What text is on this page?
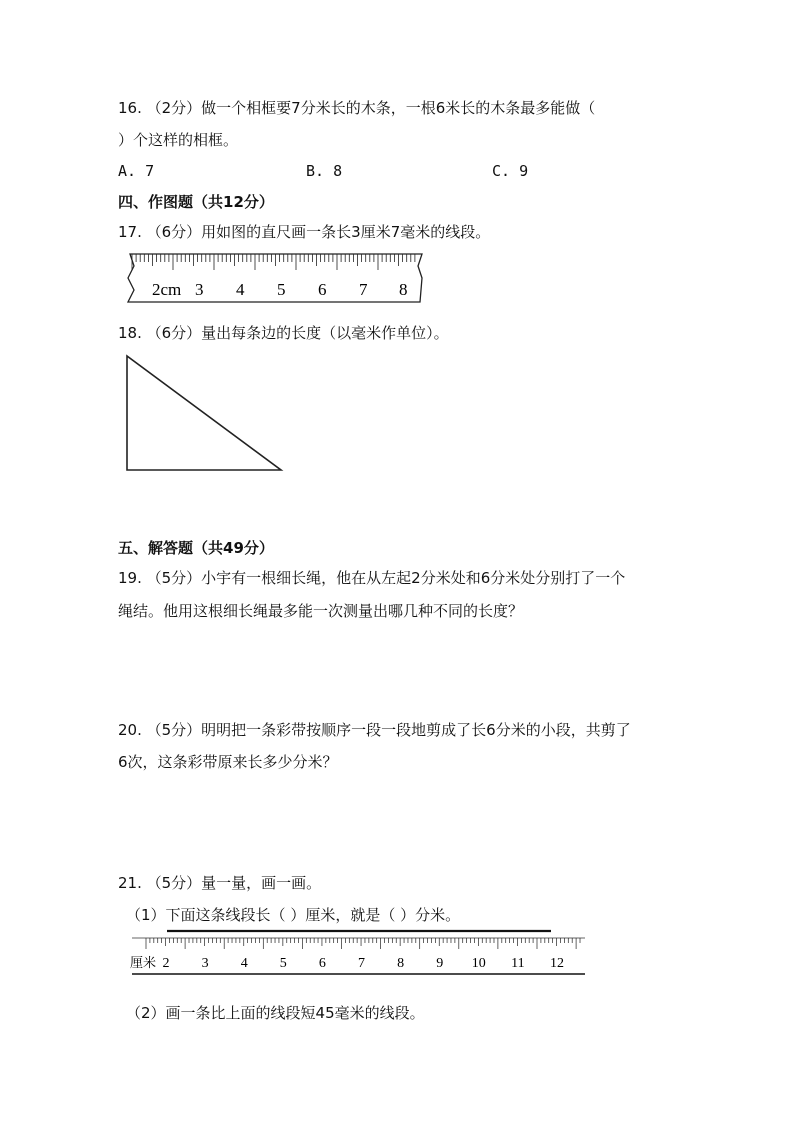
16. （2分）做一个相框要7分米长的木条，一根6米长的木条最多能做（
）个这样的相框。
A. 7	B. 8	C. 9
四、作图题（共12分）
17. （6分）用如图的直尺画一条长3厘米7毫米的线段。
2cm 3 4 5 6 7 8
18. （6分）量出每条边的长度（以毫米作单位）。
五、解答题（共49分）
19. （5分）小宇有一根细长绳，他在从左起2分米处和6分米处分别打了一个
绳结。他用这根细长绳最多能一次测量出哪几种不同的长度？
20. （5分）明明把一条彩带按顺序一段一段地剪成了长6分米的小段，共剪了
6次，这条彩带原来长多少分米？
21. （5分）量一量，画一画。
（1）下面这条线段长（ ）厘米，就是（ ）分米。
厘米 2 3 4 5 6 7 8 9 10 11 12
（2）画一条比上面的线段短45毫米的线段。
